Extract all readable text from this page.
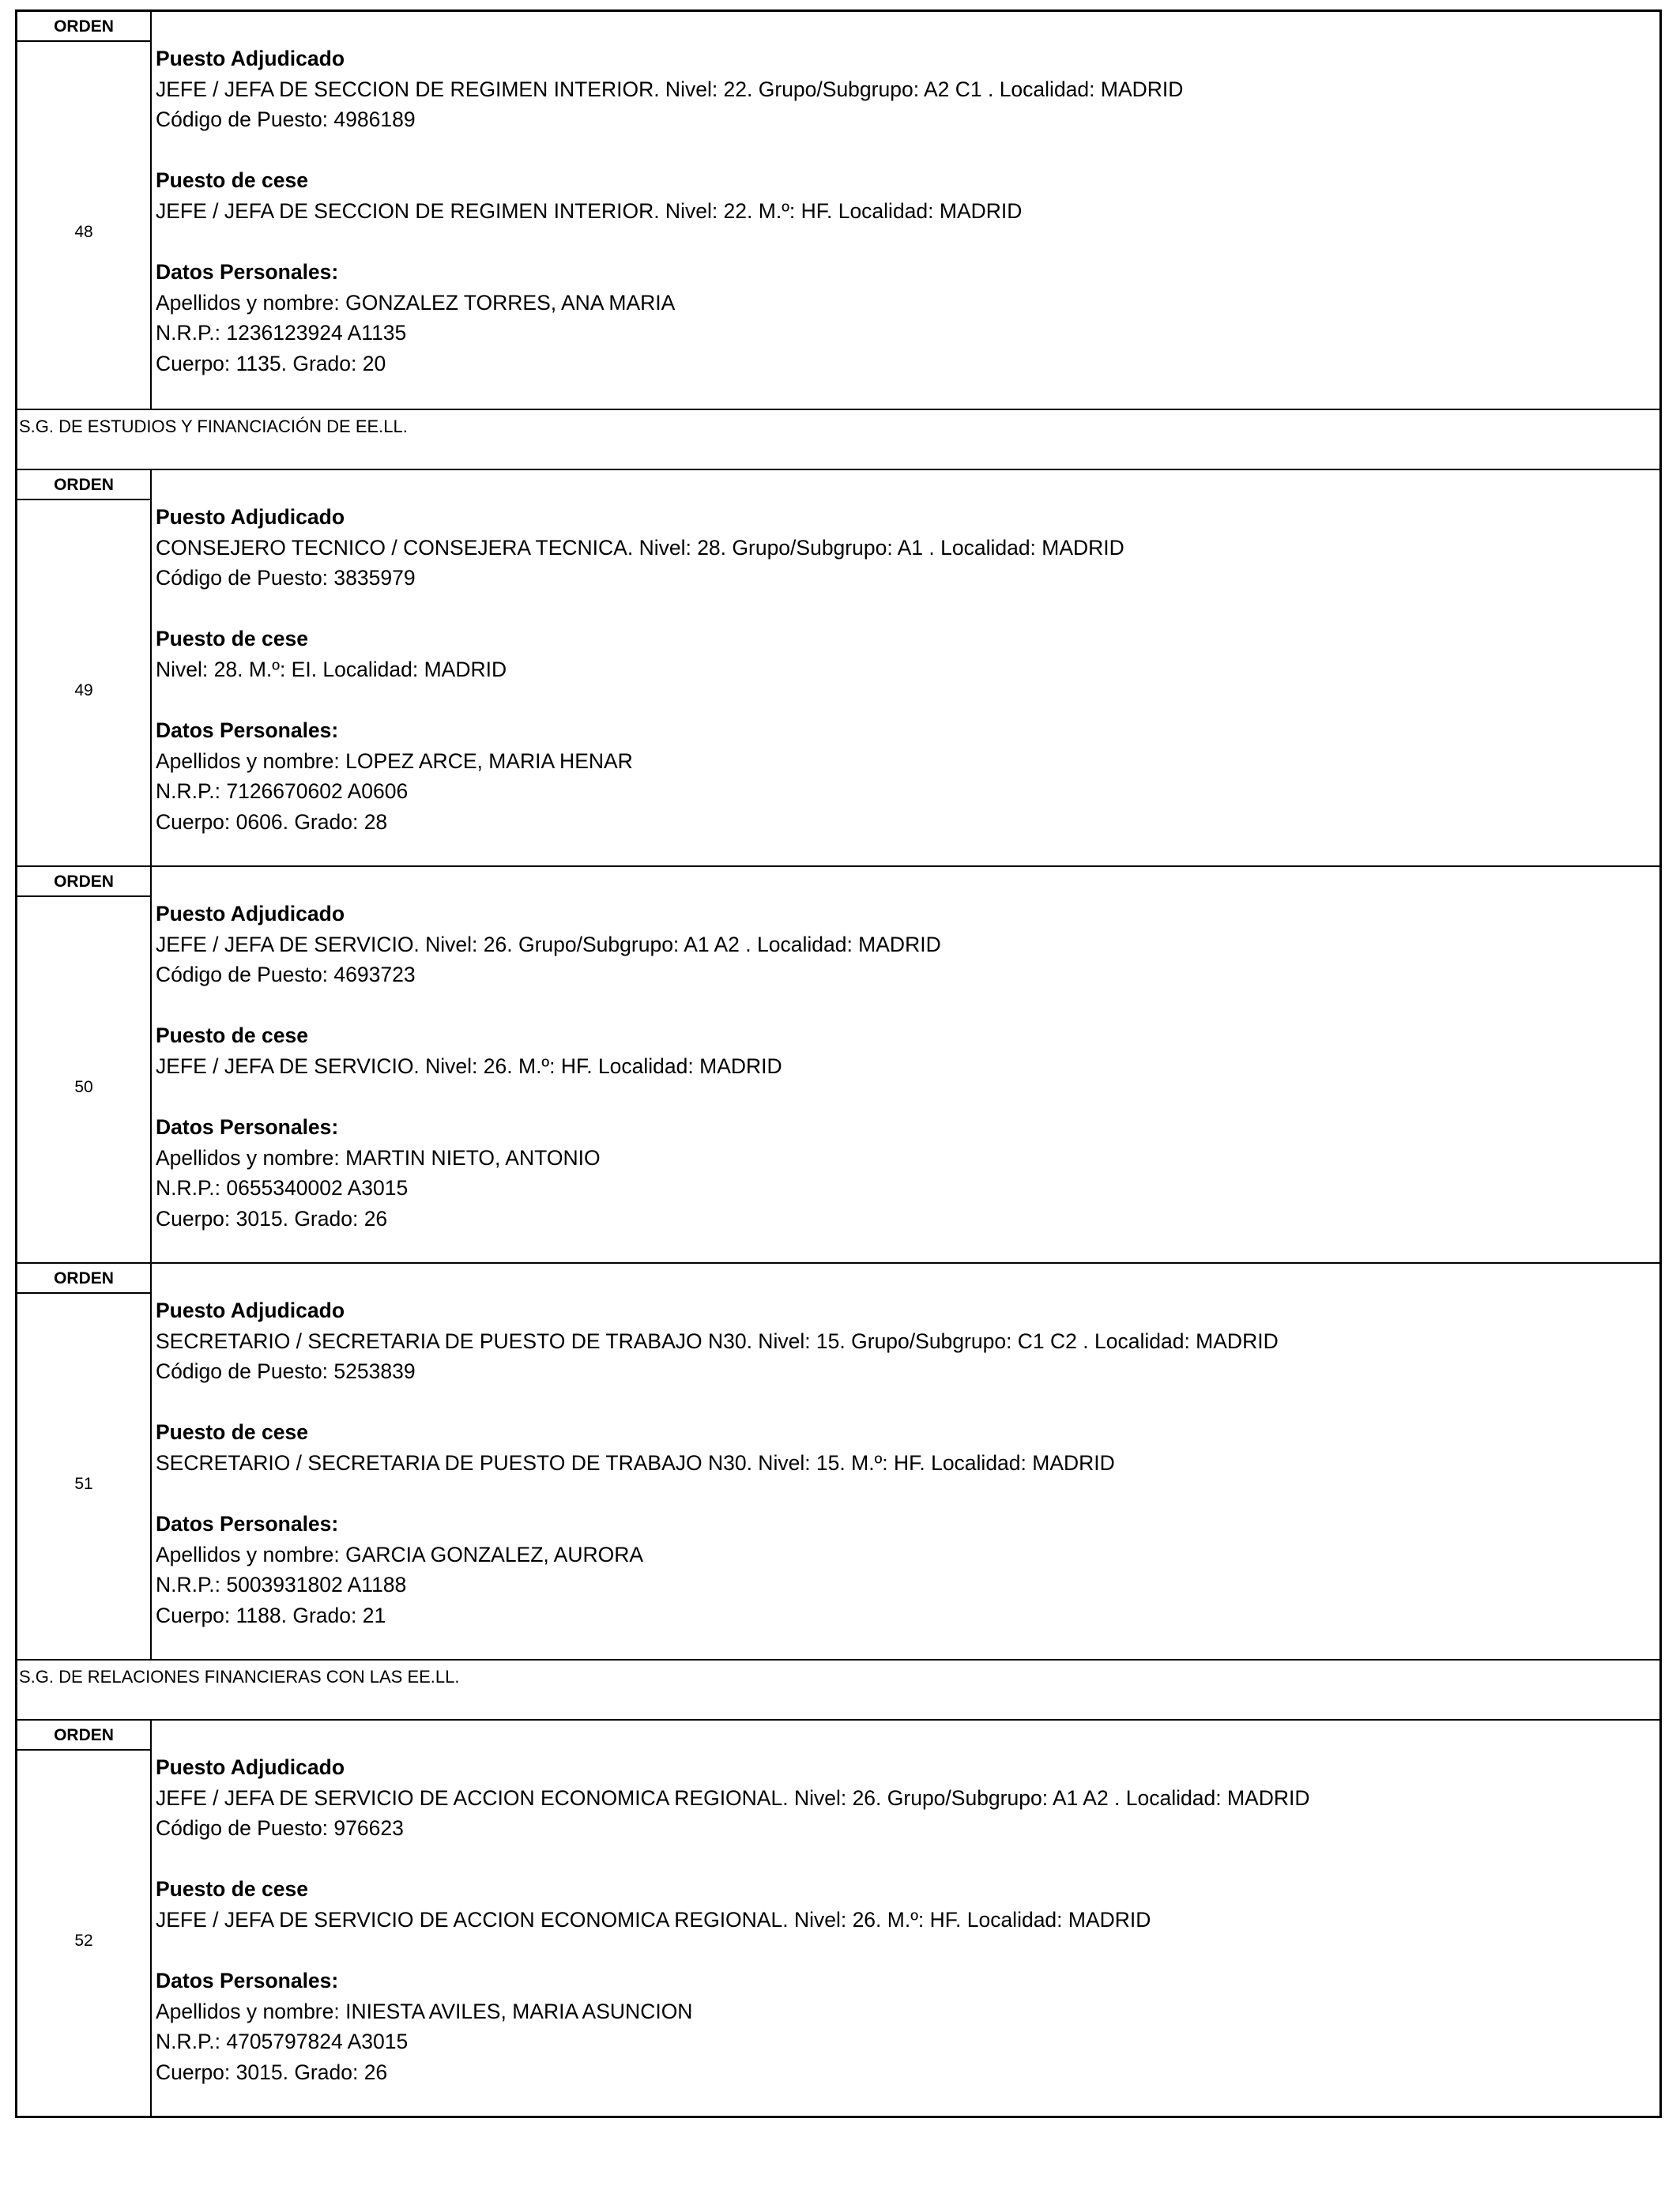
ORDEN
48
Puesto Adjudicado
JEFE / JEFA DE SECCION DE REGIMEN INTERIOR. Nivel: 22. Grupo/Subgrupo: A2 C1 . Localidad: MADRID
Código de Puesto: 4986189
Puesto de cese
JEFE / JEFA DE SECCION DE REGIMEN INTERIOR. Nivel: 22. M.º: HF. Localidad: MADRID
Datos Personales:
Apellidos y nombre: GONZALEZ TORRES, ANA MARIA
N.R.P.: 1236123924 A1135
Cuerpo: 1135. Grado: 20
S.G. DE ESTUDIOS Y FINANCIACIÓN DE EE.LL.
ORDEN
49
Puesto Adjudicado
CONSEJERO TECNICO / CONSEJERA TECNICA. Nivel: 28. Grupo/Subgrupo: A1 . Localidad: MADRID
Código de Puesto: 3835979
Puesto de cese
Nivel: 28. M.º: EI. Localidad: MADRID
Datos Personales:
Apellidos y nombre: LOPEZ ARCE, MARIA HENAR
N.R.P.: 7126670602 A0606
Cuerpo: 0606. Grado: 28
ORDEN
50
Puesto Adjudicado
JEFE / JEFA DE SERVICIO. Nivel: 26. Grupo/Subgrupo: A1 A2 . Localidad: MADRID
Código de Puesto: 4693723
Puesto de cese
JEFE / JEFA DE SERVICIO. Nivel: 26. M.º: HF. Localidad: MADRID
Datos Personales:
Apellidos y nombre: MARTIN NIETO, ANTONIO
N.R.P.: 0655340002 A3015
Cuerpo: 3015. Grado: 26
ORDEN
51
Puesto Adjudicado
SECRETARIO / SECRETARIA DE PUESTO DE TRABAJO N30. Nivel: 15. Grupo/Subgrupo: C1 C2 . Localidad: MADRID
Código de Puesto: 5253839
Puesto de cese
SECRETARIO / SECRETARIA DE PUESTO DE TRABAJO N30. Nivel: 15. M.º: HF. Localidad: MADRID
Datos Personales:
Apellidos y nombre: GARCIA GONZALEZ, AURORA
N.R.P.: 5003931802 A1188
Cuerpo: 1188. Grado: 21
S.G. DE RELACIONES FINANCIERAS CON LAS EE.LL.
ORDEN
52
Puesto Adjudicado
JEFE / JEFA DE SERVICIO DE ACCION ECONOMICA REGIONAL. Nivel: 26. Grupo/Subgrupo: A1 A2 . Localidad: MADRID
Código de Puesto: 976623
Puesto de cese
JEFE / JEFA DE SERVICIO DE ACCION ECONOMICA REGIONAL. Nivel: 26. M.º: HF. Localidad: MADRID
Datos Personales:
Apellidos y nombre: INIESTA AVILES, MARIA ASUNCION
N.R.P.: 4705797824 A3015
Cuerpo: 3015. Grado: 26
